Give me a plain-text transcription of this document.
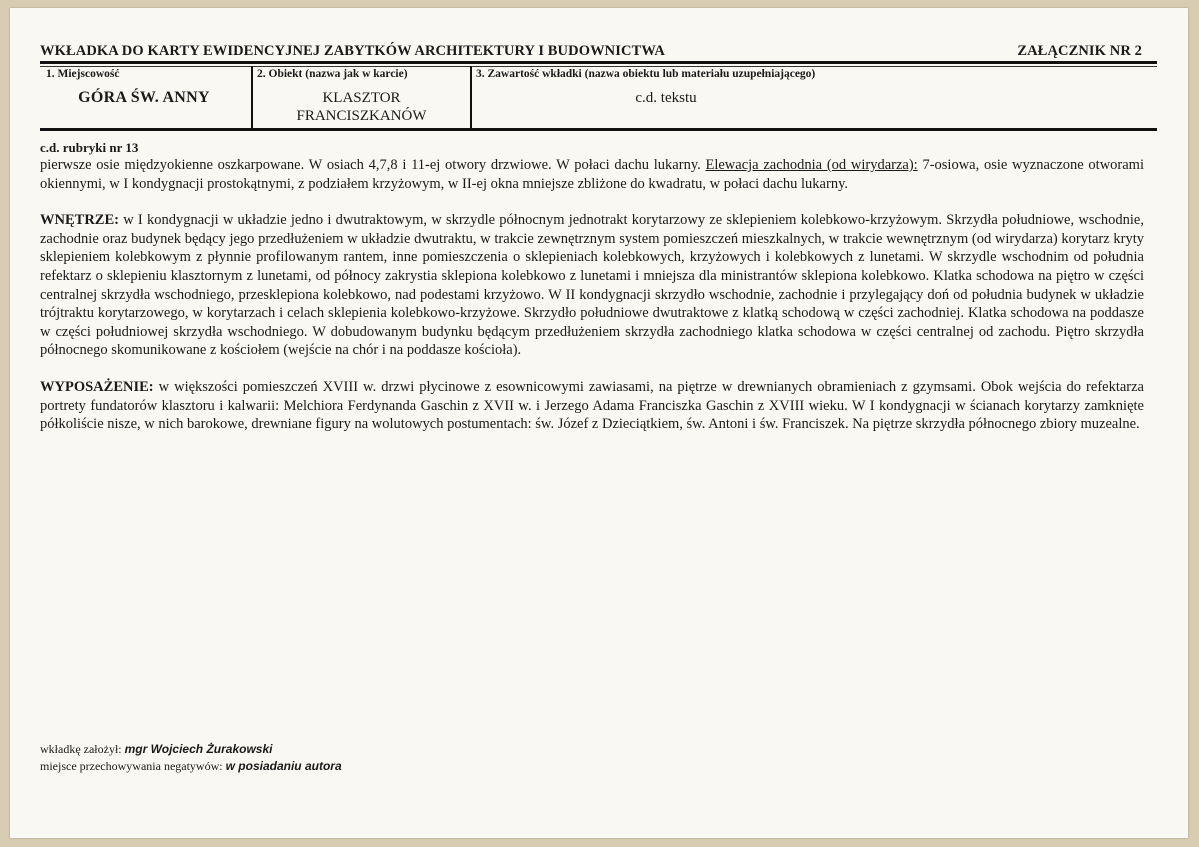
WKŁADKA DO KARTY EWIDENCYJNEJ ZABYTKÓW ARCHITEKTURY I BUDOWNICTWA	ZAŁĄCZNIK NR 2
1. Miejscowość
GÓRA ŚW. ANNY
2. Obiekt (nazwa jak w karcie)
KLASZTOR
FRANCISZKANÓW
3. Zawartość wkładki (nazwa obiektu lub materiału uzupełniającego)
c.d. tekstu

c.d. rubryki nr 13

pierwsze osie międzyokienne oszkarpowane. W osiach 4,7,8 i 11-ej otwory drzwiowe. W połaci dachu lukarny. Elewacja zachodnia (od wirydarza): 7-osiowa, osie wyznaczone otworami okiennymi, w I kondygnacji prostokątnymi, z podziałem krzyżowym, w II-ej okna mniejsze zbliżone do kwadratu, w połaci dachu lukarny.

WNĘTRZE: w I kondygnacji w układzie jedno i dwutraktowym, w skrzydle północnym jednotrakt korytarzowy ze sklepieniem kolebkowo-krzyżowym. Skrzydła południowe, wschodnie, zachodnie oraz budynek będący jego przedłużeniem w układzie dwutraktu, w trakcie zewnętrznym system pomieszczeń mieszkalnych, w trakcie wewnętrznym (od wirydarza) korytarz kryty sklepieniem kolebkowym z płynnie profilowanym rantem, inne pomieszczenia o sklepieniach kolebkowych, krzyżowych i kolebkowych z lunetami. W skrzydle wschodnim od południa refektarz o sklepieniu klasztornym z lunetami, od północy zakrystia sklepiona kolebkowo z lunetami i mniejsza dla ministrantów sklepiona kolebkowo. Klatka schodowa na piętro w części centralnej skrzydła wschodniego, przesklepiona kolebkowo, nad podestami krzyżowo. W II kondygnacji skrzydło wschodnie, zachodnie i przylegający doń od południa budynek w układzie trójtraktu korytarzowego, w korytarzach i celach sklepienia kolebkowo-krzyżowe. Skrzydło południowe dwutraktowe z klatką schodową w części zachodniej. Klatka schodowa na poddasze w części południowej skrzydła wschodniego. W dobudowanym budynku będącym przedłużeniem skrzydła zachodniego klatka schodowa w części centralnej od zachodu. Piętro skrzydła północnego skomunikowane z kościołem (wejście na chór i na poddasze kościoła).

WYPOSAŻENIE: w większości pomieszczeń XVIII w. drzwi płycinowe z esownicowymi zawiasami, na piętrze w drewnianych obramieniach z gzymsami. Obok wejścia do refektarza portrety fundatorów klasztoru i kalwarii: Melchiora Ferdynanda Gaschin z XVII w. i Jerzego Adama Franciszka Gaschin z XVIII wieku. W I kondygnacji w ścianach korytarzy zamknięte półkoliście nisze, w nich barokowe, drewniane figury na wolutowych postumentach: św. Józef z Dzieciątkiem, św. Antoni i św. Franciszek. Na piętrze skrzydła północnego zbiory muzealne.

wkładkę założył: mgr Wojciech Żurakowski
miejsce przechowywania negatywów: w posiadaniu autora
